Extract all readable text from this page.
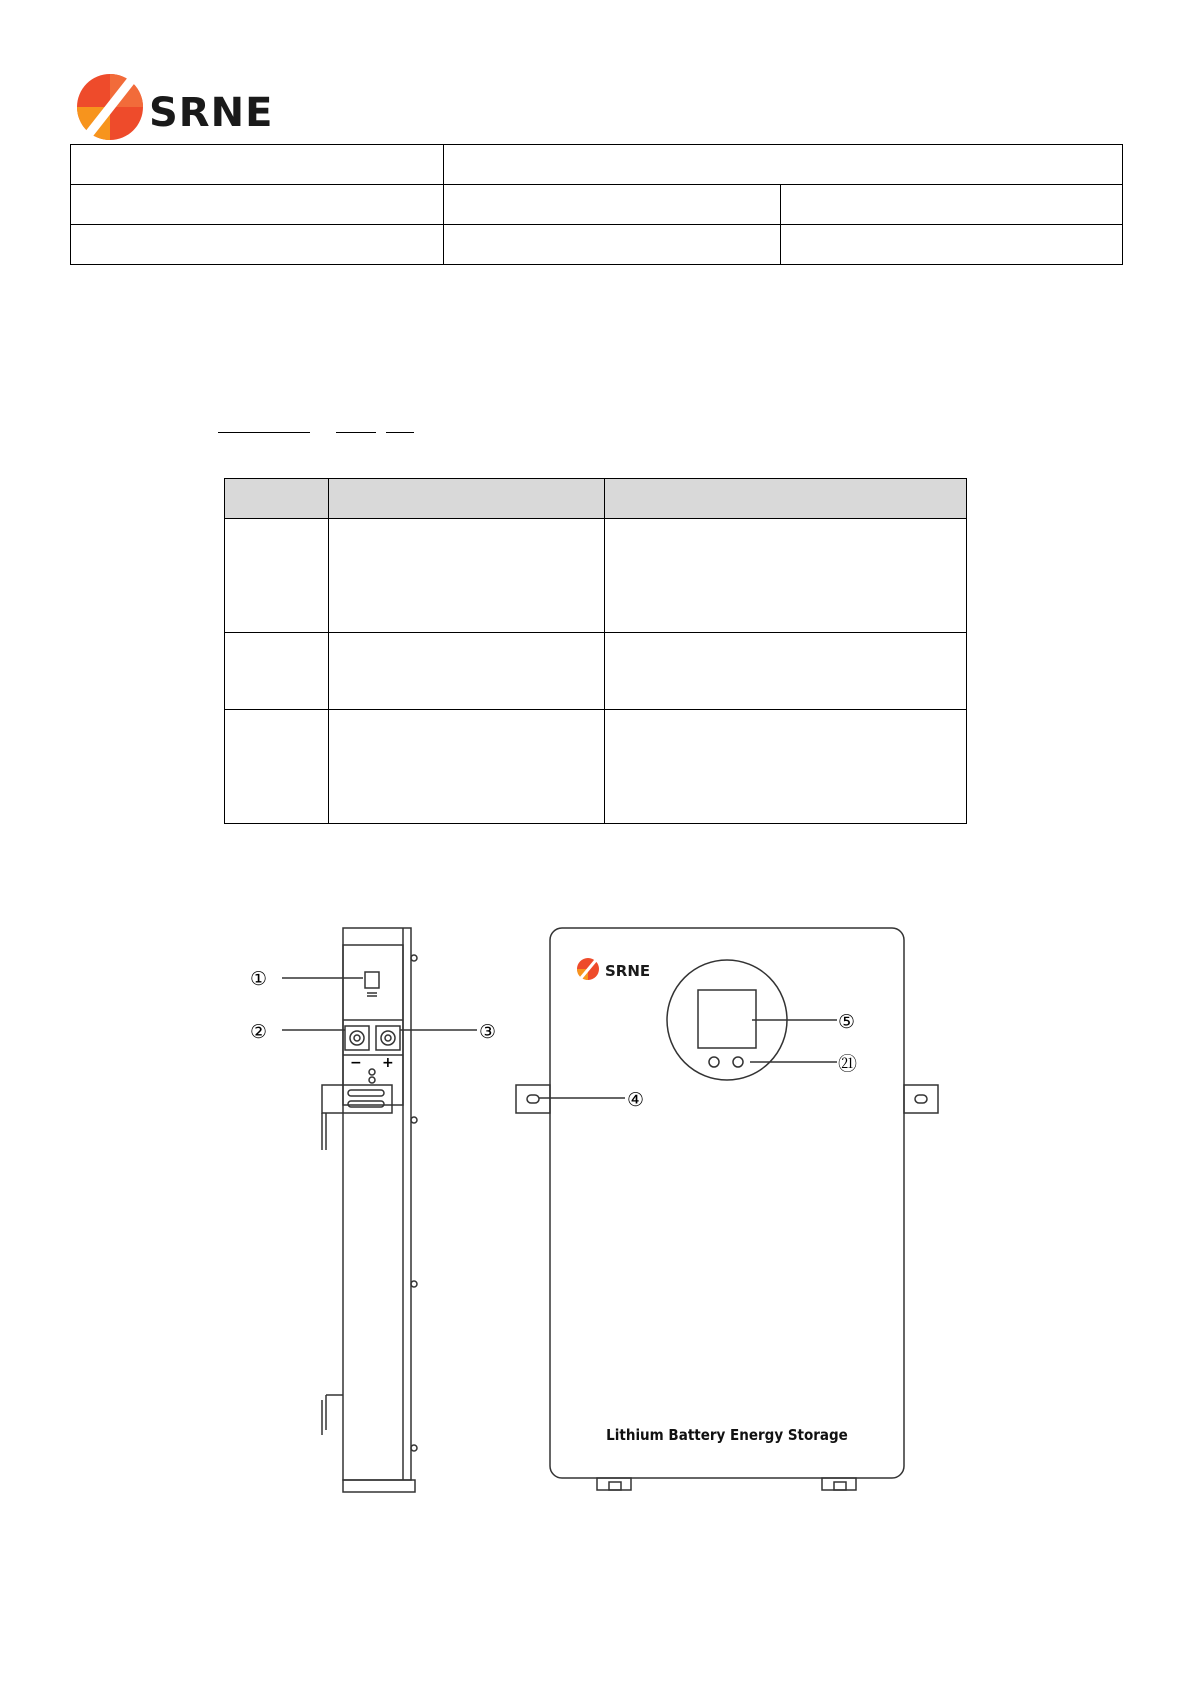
SRNE

SRNE
− +
①
②	③
④
⑤
㉑
Lithium Battery Energy Storage
